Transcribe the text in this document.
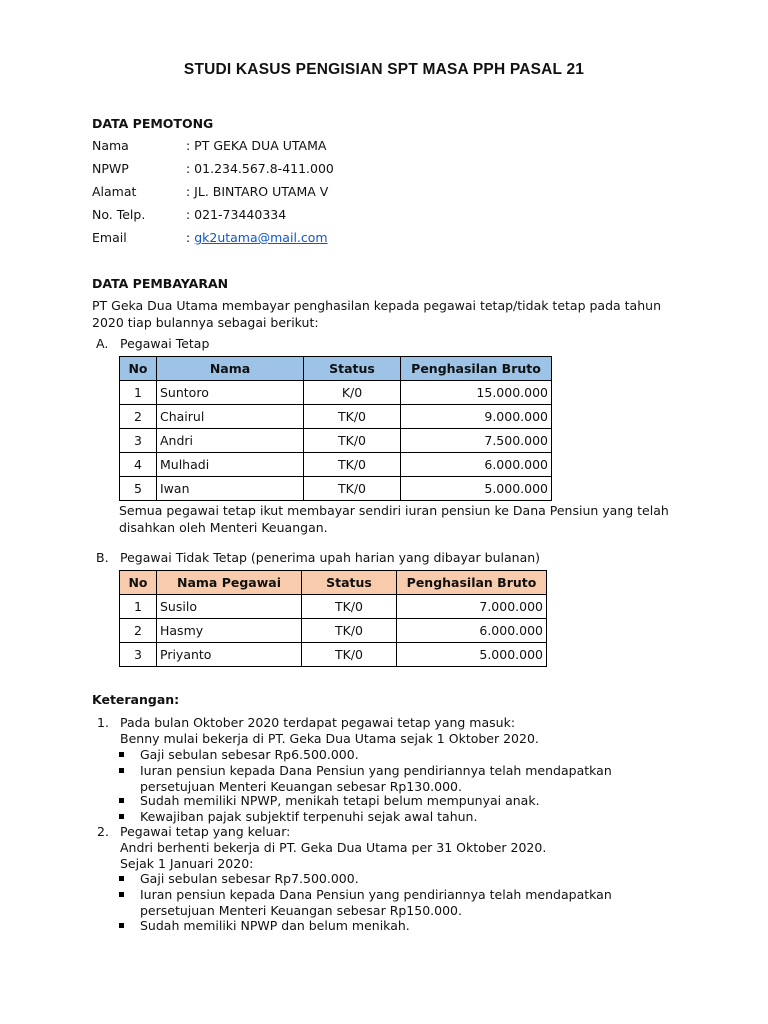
STUDI KASUS PENGISIAN SPT MASA PPH PASAL 21
DATA PEMOTONG
Nama	: PT GEKA DUA UTAMA
NPWP	: 01.234.567.8-411.000
Alamat	: JL. BINTARO UTAMA V
No. Telp.	: 021-73440334
Email	: gk2utama@mail.com
DATA PEMBAYARAN
PT Geka Dua Utama membayar penghasilan kepada pegawai tetap/tidak tetap pada tahun 2020 tiap bulannya sebagai berikut:
A. Pegawai Tetap
No	Nama	Status	Penghasilan Bruto
1	Suntoro	K/0	15.000.000
2	Chairul	TK/0	9.000.000
3	Andri	TK/0	7.500.000
4	Mulhadi	TK/0	6.000.000
5	Iwan	TK/0	5.000.000
Semua pegawai tetap ikut membayar sendiri iuran pensiun ke Dana Pensiun yang telah disahkan oleh Menteri Keuangan.
B. Pegawai Tidak Tetap (penerima upah harian yang dibayar bulanan)
No	Nama Pegawai	Status	Penghasilan Bruto
1	Susilo	TK/0	7.000.000
2	Hasmy	TK/0	6.000.000
3	Priyanto	TK/0	5.000.000
Keterangan:
1. Pada bulan Oktober 2020 terdapat pegawai tetap yang masuk:
Benny mulai bekerja di PT. Geka Dua Utama sejak 1 Oktober 2020.
Gaji sebulan sebesar Rp6.500.000.
Iuran pensiun kepada Dana Pensiun yang pendiriannya telah mendapatkan persetujuan Menteri Keuangan sebesar Rp130.000.
Sudah memiliki NPWP, menikah tetapi belum mempunyai anak.
Kewajiban pajak subjektif terpenuhi sejak awal tahun.
2. Pegawai tetap yang keluar:
Andri berhenti bekerja di PT. Geka Dua Utama per 31 Oktober 2020.
Sejak 1 Januari 2020:
Gaji sebulan sebesar Rp7.500.000.
Iuran pensiun kepada Dana Pensiun yang pendiriannya telah mendapatkan persetujuan Menteri Keuangan sebesar Rp150.000.
Sudah memiliki NPWP dan belum menikah.
